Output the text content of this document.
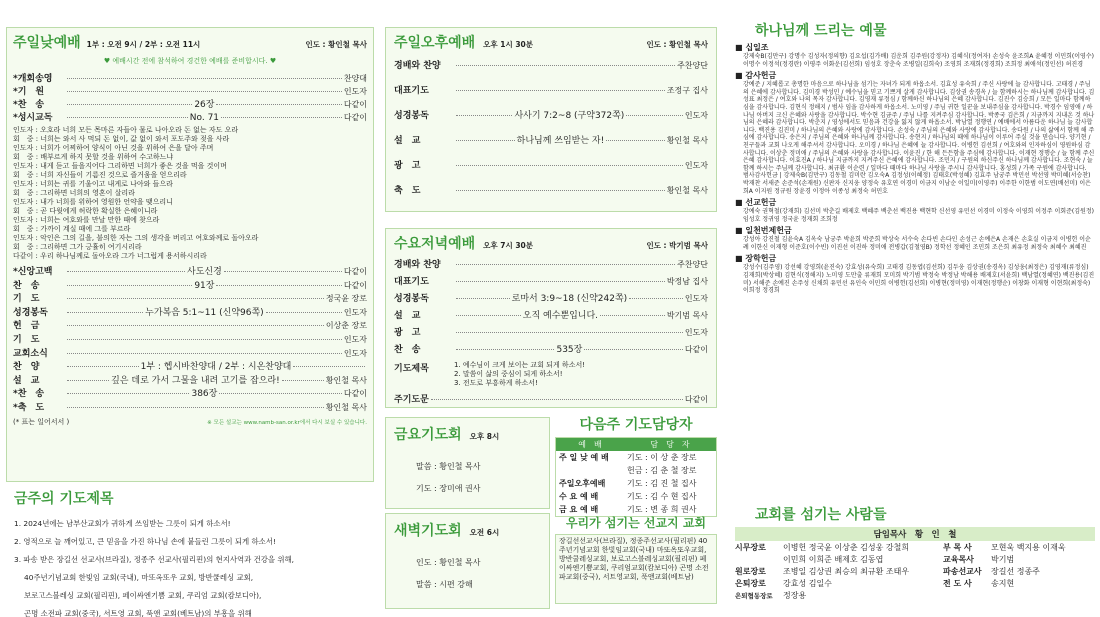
주일낮예배 1부 : 오전 9시 / 2부 : 오전 11시	인도 : 황인철 목사
♥ 예배시간 전에 참석하여 경건한 예배를 준비합시다. ♥
*개회송영	찬양대
*기　원	인도자
*찬　송	26장	다같이
*성시교독	No. 71	다같이
인도자 : 오호라 너희 모든 목마른 자들아 물로 나아오라 돈 없는 자도 오라
회　중 : 너희는 와서 사 먹되 돈 없이, 값 없이 와서 포도주와 젖을 사라
인도자 : 너희가 어찌하여 양식이 아닌 것을 위하여 은을 달아 주며
회　중 : 배부르게 하지 못할 것을 위하여 수고하느냐
인도자 : 내게 듣고 들을지어다 그리하면 너희가 좋은 것을 먹을 것이며
회　중 : 너희 자신들이 기름진 것으로 즐거움을 얻으리라
인도자 : 너희는 귀를 기울이고 내게로 나아와 들으라
회　중 : 그리하면 너희의 영혼이 살리라
인도자 : 내가 너희를 위하여 영원한 언약을 맺으리니
회　중 : 곧 다윗에게 허락한 확실한 은혜이니라
인도자 : 너희는 여호와를 만날 만한 때에 찾으라
회　중 : 가까이 계실 때에 그를 부르라
인도자 : 악인은 그의 길을, 불의한 자는 그의 생각을 버리고 여호와께로 돌아오라
회　중 : 그리하면 그가 긍휼히 여기시리라
다같이 : 우리 하나님께로 돌아오라 그가 너그럽게 용서하시리라
*신앙고백	사도신경	다같이
찬　송	91장	다같이
기　도	정국윤 장로
성경봉독	누가복음 5:1~11 (신약96쪽)	인도자
헌　금	이상춘 장로
기　도	인도자
교회소식	인도자
찬　양	1부 : 헵시바찬양대 / 2부 : 시온찬양대
설　교	깊은 데로 가서 그물을 내려 고기를 잡으라!	황인철 목사
*찬　송	386장	다같이
*축　도	황인철 목사
(* 표는 일어서서 )	※ 모든 설교는 www.namb-san.or.kr에서 다시 보실 수 있습니다.
금주의 기도제목
1. 2024년에는 남부산교회가 귀하게 쓰임받는 그릇이 되게 하소서!
2. 영적으로 늘 깨어있고, 큰 믿음을 가진 하나님 손에 붙들린 그릇이 되게 하소서!
3. 파송 받은 장길선 선교사(브라질), 정종주 선교사(필리핀)의 현지사역과 건강을 위해,
40주년기념교회 한빛임 교회(국내), 마또옥또우 교회, 방반쿨레싱 교회,
보로고스블레싱 교회(필리핀), 페이싸엔기쁨 교회, 쿠리엄 교회(캄보디아),
곤명 소전파 교회(중국), 서트영 교회, 푹앤 교회(베트남)의 부흥을 위해
주일오후예배 오후 1시 30분	인도 : 황인철 목사
경배와 찬양	주찬양단
대표기도	조정구 집사
성경봉독	사사기 7:2~8 (구약372쪽)	인도자
설　교	하나님께 쓰임받는 자!	황인철 목사
광　고	인도자
축　도	황인철 목사
수요저녁예배 오후 7시 30분	인도 : 박기범 목사
경배와 찬양	주찬양단
대표기도	박정남 집사
성경봉독	로마서 3:9~18 (신약242쪽)	인도자
설　교	오직 예수뿐입니다.	박기범 목사
광　고	인도자
찬　송	535장	다같이
기도제목	1. 예수님이 크게 보이는 교회 되게 하소서!
2. 말씀이 삶의 중심이 되게 하소서!
3. 전도로 부흥하게 하소서!
주기도문	다같이
금요기도회 오후 8시
말씀 : 황인철 목사
기도 : 장미애 권사
새벽기도회 오전 6시
인도 : 황인철 목사
말씀 : 시편 강해
다음주 기도담당자
예　배	담　당　자
주 일 낮 예 배	기도 : 이 상 춘 장로
	헌금 : 김 춘 철 장로
주일오후예배	기도 : 김 진 철 집사
수 요 예 배	기도 : 김 수 현 집사
금 요 예 배	기도 : 변 종 희 권사
우리가 섬기는 선교지 교회
장길선선교사(브라질), 정종주선교사(필리핀) 40주년기념교회 한빛임교회(국내) 마또옥또우교회, 방반쿨레싱교회, 보로고스블레싱교회(필리핀) 페이싸엔기쁨교회, 쿠리엄교회(캄보디아) 곤명 소전파교회(중국), 서트영교회, 푹앤교회(베트남)
하나님께 드리는 예물
■ 십일조
강제숙B(김만구) 강명수 김성자(정의향) 김요섭(김가배) 김운희 김주원(강정자) 김혜식(정여자) 손성숙 윤조희A 윤혜정 이민희(이영수) 이명수 이정석(정경란) 이평주 이화운(김선희) 임성호 장춘숙 조병일(김희숙) 조영희 조재희(정경희) 조희정 최애석(정인선) 허진경
■ 감사헌금
강예준 / 지혜롭고 총명한 마음으로 하나님을 섬기는 자녀가 되게 하옵소서. 김효성 유숙희 / 주신 사랑에 늘 감사합니다. 고태경 / 주님의 은혜에 감사합니다. 김미경 박성민 / 예수님을 믿고 기쁘게 살게 감사합니다. 김상권 송경옥 / 늘 함께하시는 하나님께 감사합니다. 김성표 최정은 / 여호와 나의 목자 감사합니다. 김영재 류정심 / 함께하신 하나님의 은혜 감사합니다. 김진수 김승희 / 모든 일마다 함께하심을 감사합니다. 김현식 정해지 / 범사 임을 감사하게 하옵소서. 노미영 / 주님 귀한 일꾼을 보내주심을 감사합니다. 박경수 임영애 / 하나님 아버지 크신 은혜와 사랑을 감사합니다. 박수현 김금주 / 주님 나를 지켜주심 감사합니다. 박종국 김은희 / 지금까지 지내온 것 하나님의 은혜라 감사합니다. 박춘지 / 영성에서도 믿음과 건강을 잃지 않게 하옵소서. 박남열 정행연 / 예배에서 아름다운 하나님 늘 감사합니다. 백진용 김진미 / 하나님의 은혜와 사랑에 감사합니다. 손성숙 / 주님의 은혜와 사랑에 감사합니다. 송다원 / 나의 삶에서 함께 해 주심에 감사합니다. 송은지 / 주님의 은혜와 하나님께 감사합니다. 송현지 / 하나님의 때에 하나님이 이루어 주실 것을 믿습니다. 양기현 / 친구들과 교회 나오게 해주셔서 감사합니다. 오미경 / 하나님 은혜에 늘 감사합니다. 이병헌 김선희 / 여호와의 인자하심이 영원하심 감사합니다. 이상춘 정미애 / 주님의 은혜와 사랑을 감사합니다. 이윤진 / 한 해 든든함을 주심에 감사합니다. 이재현 정행순 / 늘 함께 주신 은혜 감사합니다. 이효진A / 하나님 지금까지 지켜주신 은혜에 감사합니다. 조민지 / 구원의 하신주신 하나님께 감사합니다. 조현숙 / 늘 함께 하시는 주님께 감사합니다. 최규환 이순련 / 일마다 때마다 하나님 사랑을 주시니 감사합니다. 홍성희 / 가족 구원에 감사합니다.
범사감사헌금 | 강제숙B(김만구) 김동철 김미란 김오숙A 김정성(이혜정) 김태호(박성혜) 김효주 남궁주 박민선 박선영 박미혜(서승찬) 박재찬 서새준 손준석(손재원) 신판자 신지웅 양정숙 유호연 이경미 이금지 이남순 이일미(이영주) 이주한 이한범 이도연(배선미) 이은희A 이지원 정규원 장윤경 이정아 이종성 최정숙 허민호
■ 선교헌금
강예숙 권혁철(강재희) 김선미 박춘길 배제호 백혜주 백춘선 백진용 백현학 신선영 유민선 이경미 이정숙 이영희 이정주 이회준(김원정) 임성호 정귀영 정국윤 정재회 조희정
■ 일천번제헌금
강성아 강진철 김윤숙A 김옥숙 남궁주 박윤희 박준희 박상숙 서수숙 손다빈 손다인 손성근 손예은A 손재은 손효실 이금지 이병헌 이순례 이한신 이재형 이준호(이수빈) 이진선 이진하 정미애 전병갑(김철영B) 정학선 정혜인 조민희 조은희 최유정 최정숙 최혜수 최혜진
■ 장학헌금
강성수(김주영) 강선혜 강영희(윤진숙) 강효성(유숙희) 고태경 김동엽(김선희) 김두웅 김상권(송경옥) 김성웅(최정은) 김영재(류정심) 김재희(박상혜) 김현식(정해지) 노미영 도만출 류재희 모미희 박기범 박정숙 박정남 박해용 배제호(서윤희) 백남열(정혜연) 백진용(김진미) 서해준 손예진 손주성 신채희 유민선 유인숙 이민희 이병헌(김선희) 이병현(정미영) 이재현(정행순) 이창화 이재형 이현희(최정숙) 이희정 정경희
교회를 섬기는 사람들
담임목사　황　인　철
시무장로	이병헌 정국윤 이상춘 김성웅 강철희
이민희 이희준 배제호 김동엽
원로장로	조병일 김상권 최승의 최규환 조태우
은퇴장로	강효성 김일수
은퇴협동장로	정장용
부 목 사	모현욱 백지용 이재욱
교육목사	박기범
파송선교사	장길선 정종주
전 도 사	송지현
